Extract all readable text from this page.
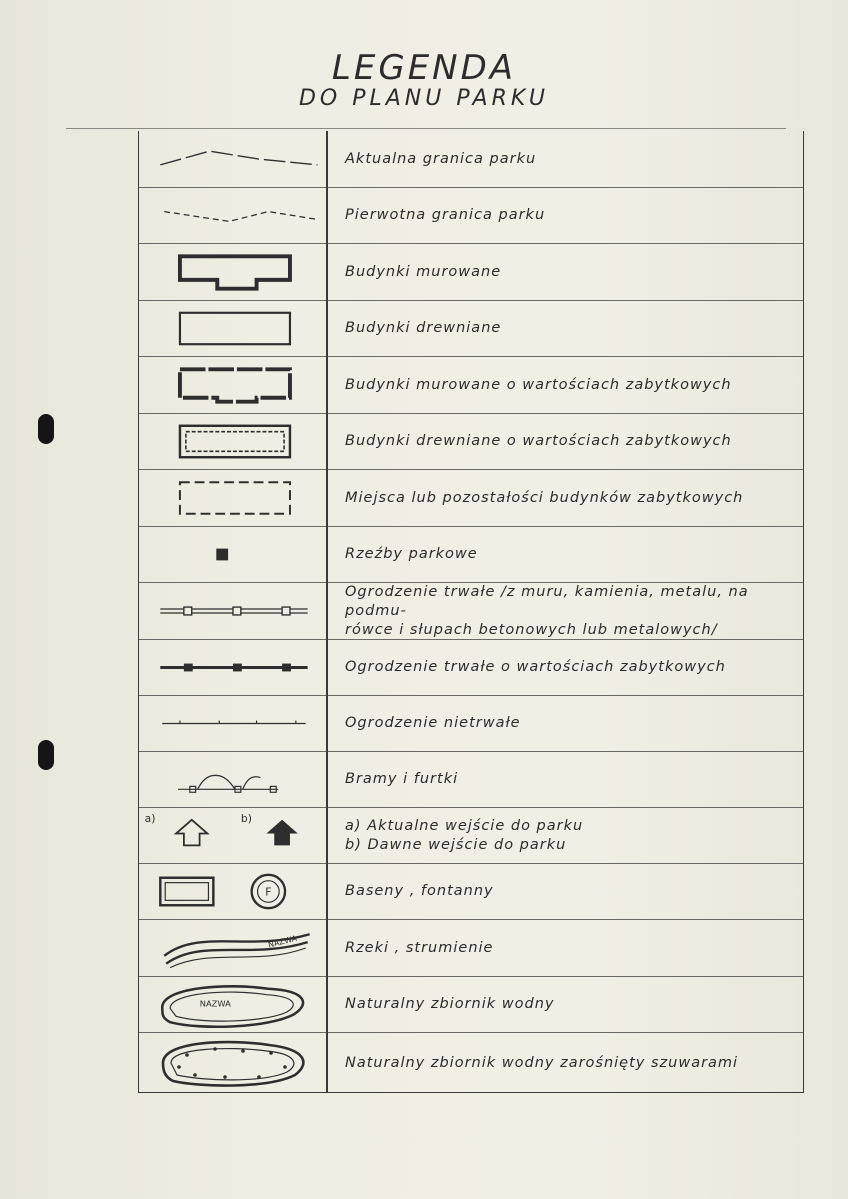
LEGENDA
DO PLANU PARKU
Aktualna granica parku
Pierwotna granica parku
Budynki murowane
Budynki drewniane
Budynki murowane o wartościach zabytkowych
Budynki drewniane o wartościach zabytkowych
Miejsca lub pozostałości budynków zabytkowych
Rzeźby parkowe
Ogrodzenie trwałe /z muru, kamienia, metalu, na podmu-
rówce i słupach betonowych lub metalowych/
Ogrodzenie trwałe o wartościach zabytkowych
Ogrodzenie nietrwałe
Bramy i furtki
a)	b)	a) Aktualne wejście do parku
b) Dawne wejście do parku
F	Baseny , fontanny
NAZWA	Rzeki , strumienie
NAZWA	Naturalny zbiornik wodny
Naturalny zbiornik wodny zarośnięty szuwarami
